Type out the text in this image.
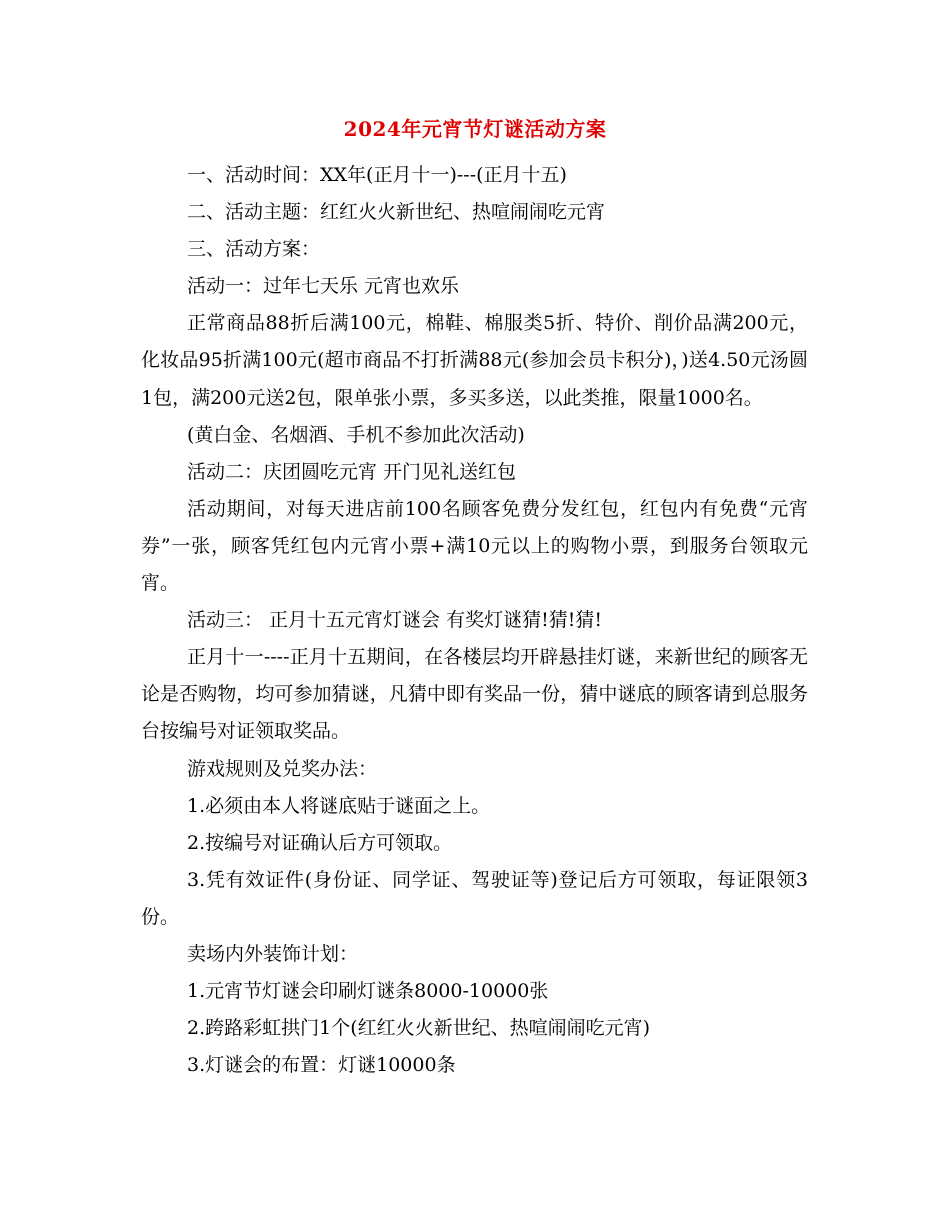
2024年元宵节灯谜活动方案

一、活动时间：XX年(正月十一)---(正月十五)

二、活动主题：红红火火新世纪、热喧闹闹吃元宵

三、活动方案：

活动一：过年七天乐 元宵也欢乐

正常商品88折后满100元，棉鞋、棉服类5折、特价、削价品满200元，化妆品95折满100元(超市商品不打折满88元(参加会员卡积分)，)送4.50元汤圆1包，满200元送2包，限单张小票，多买多送，以此类推，限量1000名。

(黄白金、名烟酒、手机不参加此次活动)

活动二：庆团圆吃元宵 开门见礼送红包

活动期间，对每天进店前100名顾客免费分发红包，红包内有免费“元宵券”一张，顾客凭红包内元宵小票+满10元以上的购物小票，到服务台领取元宵。

活动三： 正月十五元宵灯谜会 有奖灯谜猜!猜!猜!

正月十一----正月十五期间，在各楼层均开辟悬挂灯谜，来新世纪的顾客无论是否购物，均可参加猜谜，凡猜中即有奖品一份，猜中谜底的顾客请到总服务台按编号对证领取奖品。

游戏规则及兑奖办法：

1.必须由本人将谜底贴于谜面之上。

2.按编号对证确认后方可领取。

3.凭有效证件(身份证、同学证、驾驶证等)登记后方可领取，每证限领3份。

卖场内外装饰计划：

1.元宵节灯谜会印刷灯谜条8000-10000张

2.跨路彩虹拱门1个(红红火火新世纪、热喧闹闹吃元宵)

3.灯谜会的布置：灯谜10000条
